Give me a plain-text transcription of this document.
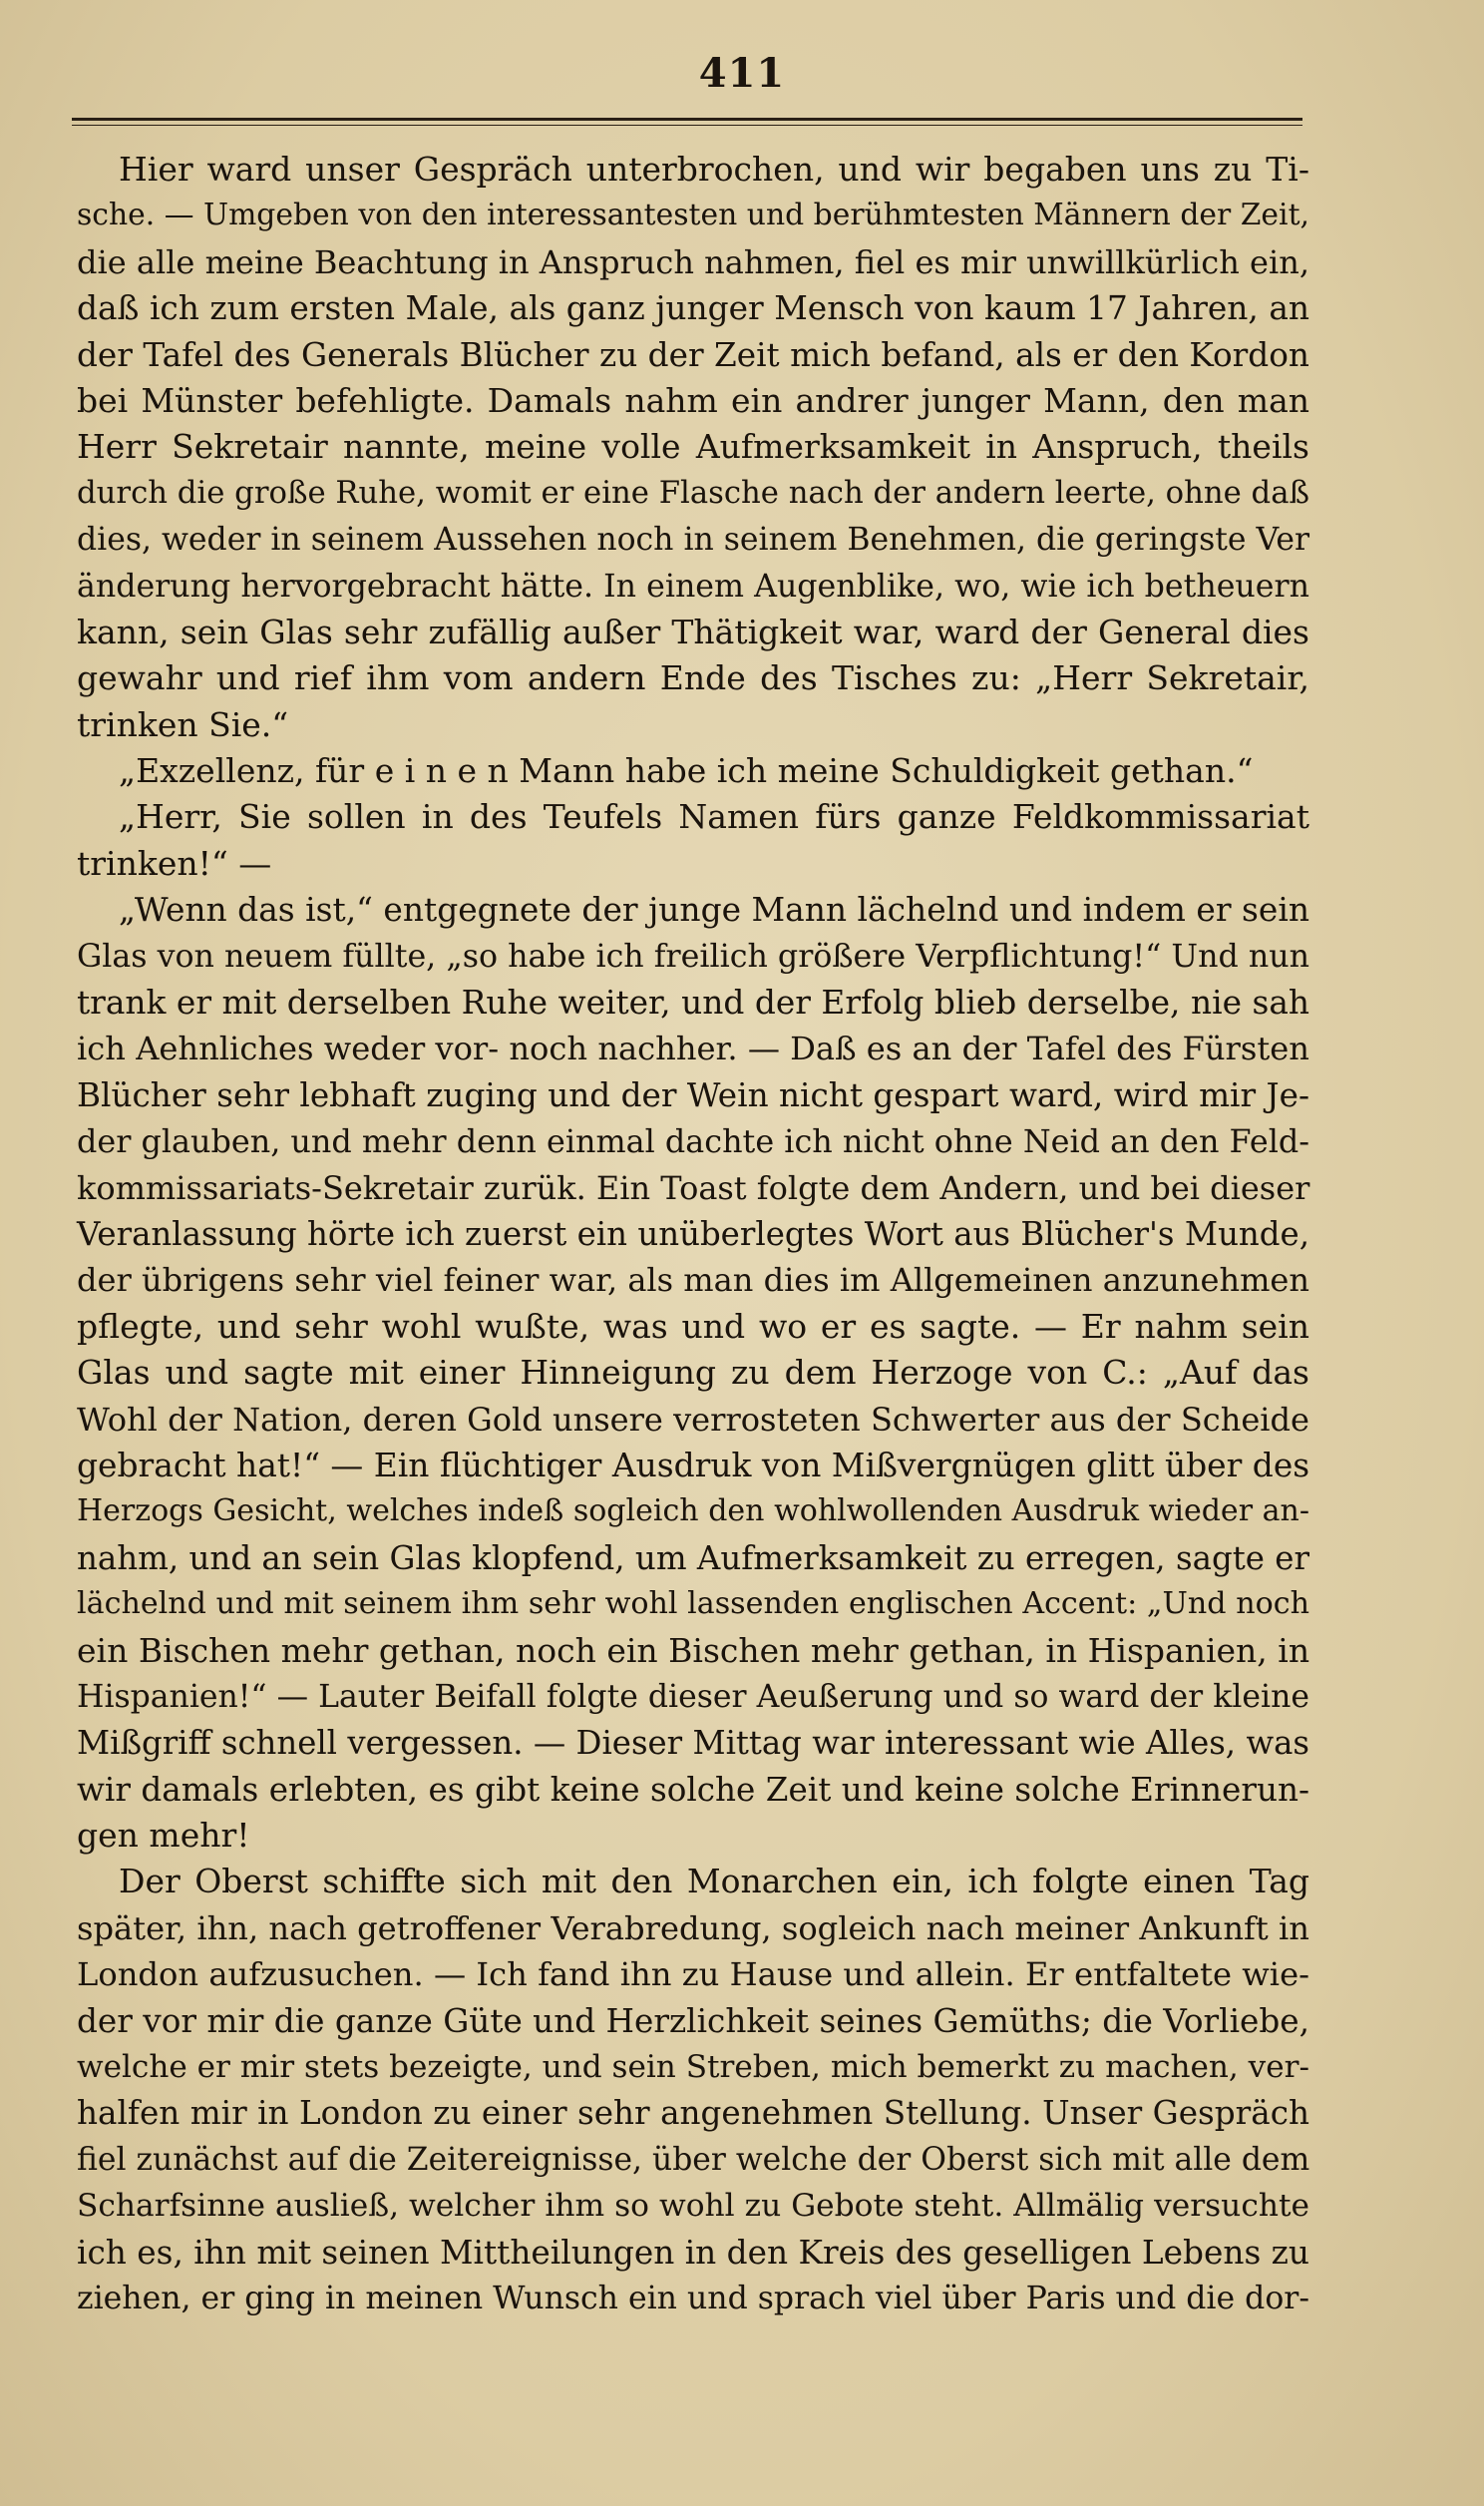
411
Hier ward unser Gespräch unterbrochen, und wir begaben uns zu Ti-
sche. — Umgeben von den interessantesten und berühmtesten Männern der Zeit,
die alle meine Beachtung in Anspruch nahmen, fiel es mir unwillkürlich ein,
daß ich zum ersten Male, als ganz junger Mensch von kaum 17 Jahren, an
der Tafel des Generals Blücher zu der Zeit mich befand, als er den Kordon
bei Münster befehligte. Damals nahm ein andrer junger Mann, den man
Herr Sekretair nannte, meine volle Aufmerksamkeit in Anspruch, theils
durch die große Ruhe, womit er eine Flasche nach der andern leerte, ohne daß
dies, weder in seinem Aussehen noch in seinem Benehmen, die geringste Ver
änderung hervorgebracht hätte. In einem Augenblike, wo, wie ich betheuern
kann, sein Glas sehr zufällig außer Thätigkeit war, ward der General dies
gewahr und rief ihm vom andern Ende des Tisches zu: „Herr Sekretair,
trinken Sie.“
„Exzellenz, für e i n e n Mann habe ich meine Schuldigkeit gethan.“
„Herr, Sie sollen in des Teufels Namen fürs ganze Feldkommissariat
trinken!“ —
„Wenn das ist,“ entgegnete der junge Mann lächelnd und indem er sein
Glas von neuem füllte, „so habe ich freilich größere Verpflichtung!“ Und nun
trank er mit derselben Ruhe weiter, und der Erfolg blieb derselbe, nie sah
ich Aehnliches weder vor- noch nachher. — Daß es an der Tafel des Fürsten
Blücher sehr lebhaft zuging und der Wein nicht gespart ward, wird mir Je-
der glauben, und mehr denn einmal dachte ich nicht ohne Neid an den Feld-
kommissariats-Sekretair zurük. Ein Toast folgte dem Andern, und bei dieser
Veranlassung hörte ich zuerst ein unüberlegtes Wort aus Blücher's Munde,
der übrigens sehr viel feiner war, als man dies im Allgemeinen anzunehmen
pflegte, und sehr wohl wußte, was und wo er es sagte. — Er nahm sein
Glas und sagte mit einer Hinneigung zu dem Herzoge von C.: „Auf das
Wohl der Nation, deren Gold unsere verrosteten Schwerter aus der Scheide
gebracht hat!“ — Ein flüchtiger Ausdruk von Mißvergnügen glitt über des
Herzogs Gesicht, welches indeß sogleich den wohlwollenden Ausdruk wieder an-
nahm, und an sein Glas klopfend, um Aufmerksamkeit zu erregen, sagte er
lächelnd und mit seinem ihm sehr wohl lassenden englischen Accent: „Und noch
ein Bischen mehr gethan, noch ein Bischen mehr gethan, in Hispanien, in
Hispanien!“ — Lauter Beifall folgte dieser Aeußerung und so ward der kleine
Mißgriff schnell vergessen. — Dieser Mittag war interessant wie Alles, was
wir damals erlebten, es gibt keine solche Zeit und keine solche Erinnerun-
gen mehr!
Der Oberst schiffte sich mit den Monarchen ein, ich folgte einen Tag
später, ihn, nach getroffener Verabredung, sogleich nach meiner Ankunft in
London aufzusuchen. — Ich fand ihn zu Hause und allein. Er entfaltete wie-
der vor mir die ganze Güte und Herzlichkeit seines Gemüths; die Vorliebe,
welche er mir stets bezeigte, und sein Streben, mich bemerkt zu machen, ver-
halfen mir in London zu einer sehr angenehmen Stellung. Unser Gespräch
fiel zunächst auf die Zeitereignisse, über welche der Oberst sich mit alle dem
Scharfsinne ausließ, welcher ihm so wohl zu Gebote steht. Allmälig versuchte
ich es, ihn mit seinen Mittheilungen in den Kreis des geselligen Lebens zu
ziehen, er ging in meinen Wunsch ein und sprach viel über Paris und die dor-
